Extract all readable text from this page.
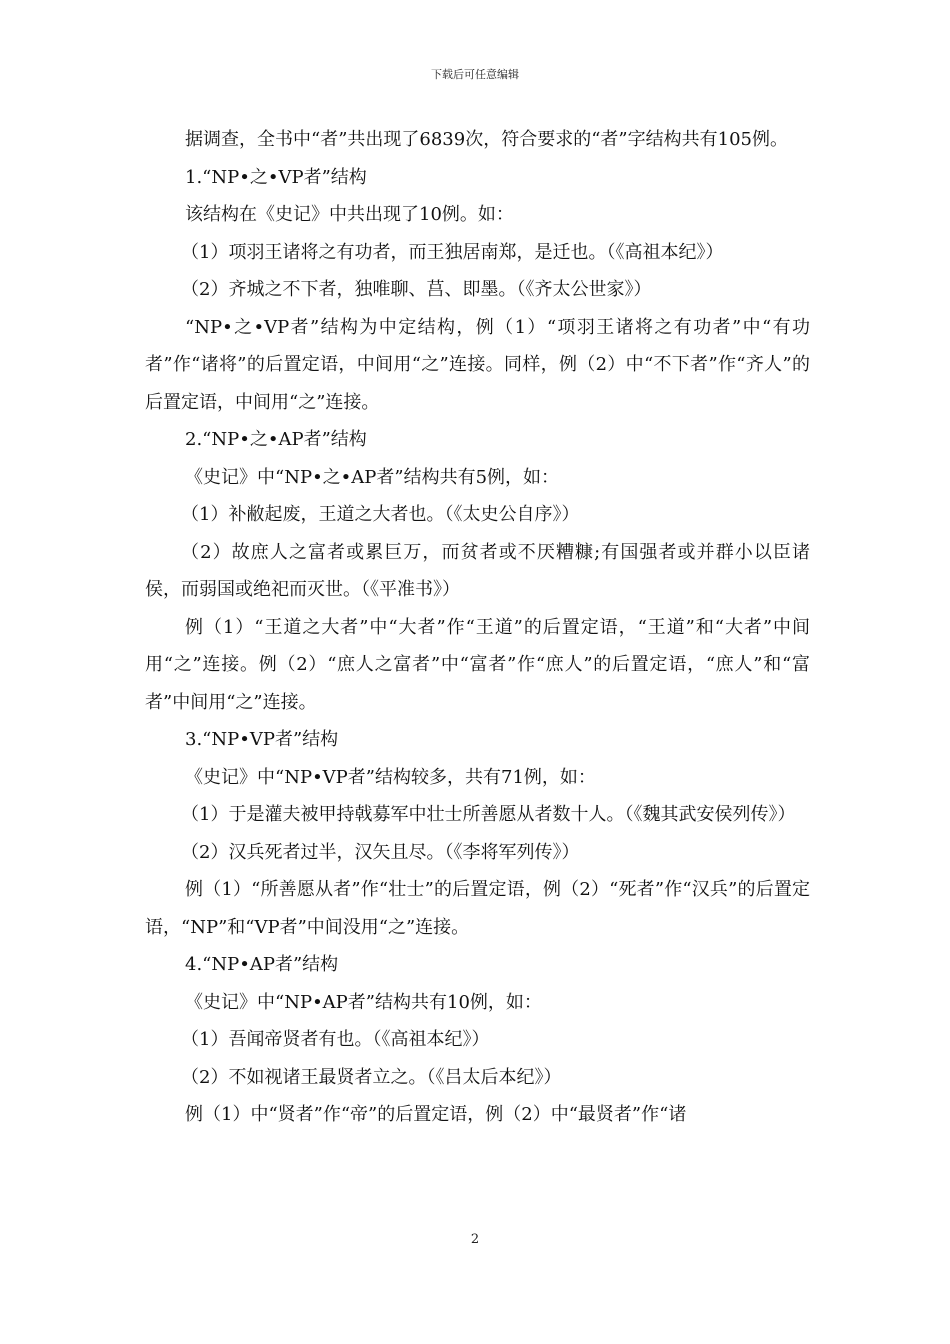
下载后可任意编辑

据调查，全书中“者”共出现了6839次，符合要求的“者”字结构共有105例。

1.“NP•之•VP者”结构

该结构在《史记》中共出现了10例。如：

（1）项羽王诸将之有功者，而王独居南郑，是迁也。（《高祖本纪》）

（2）齐城之不下者，独唯聊、莒、即墨。（《齐太公世家》）

“NP•之•VP者”结构为中定结构，例（1）“项羽王诸将之有功者”中“有功者”作“诸将”的后置定语，中间用“之”连接。同样，例（2）中“不下者”作“齐人”的后置定语，中间用“之”连接。

2.“NP•之•AP者”结构

《史记》中“NP•之•AP者”结构共有5例，如：

（1）补敝起废，王道之大者也。（《太史公自序》）

（2）故庶人之富者或累巨万，而贫者或不厌糟糠;有国强者或并群小以臣诸侯，而弱国或绝祀而灭世。（《平准书》）

例（1）“王道之大者”中“大者”作“王道”的后置定语，“王道”和“大者”中间用“之”连接。例（2）“庶人之富者”中“富者”作“庶人”的后置定语，“庶人”和“富者”中间用“之”连接。

3.“NP•VP者”结构

《史记》中“NP•VP者”结构较多，共有71例，如：

（1）于是灌夫被甲持戟募军中壮士所善愿从者数十人。（《魏其武安侯列传》）

（2）汉兵死者过半，汉矢且尽。（《李将军列传》）

例（1）“所善愿从者”作“壮士”的后置定语，例（2）“死者”作“汉兵”的后置定语，“NP”和“VP者”中间没用“之”连接。

4.“NP•AP者”结构

《史记》中“NP•AP者”结构共有10例，如：

（1）吾闻帝贤者有也。（《高祖本纪》）

（2）不如视诸王最贤者立之。（《吕太后本纪》）

例（1）中“贤者”作“帝”的后置定语，例（2）中“最贤者”作“诸

2
